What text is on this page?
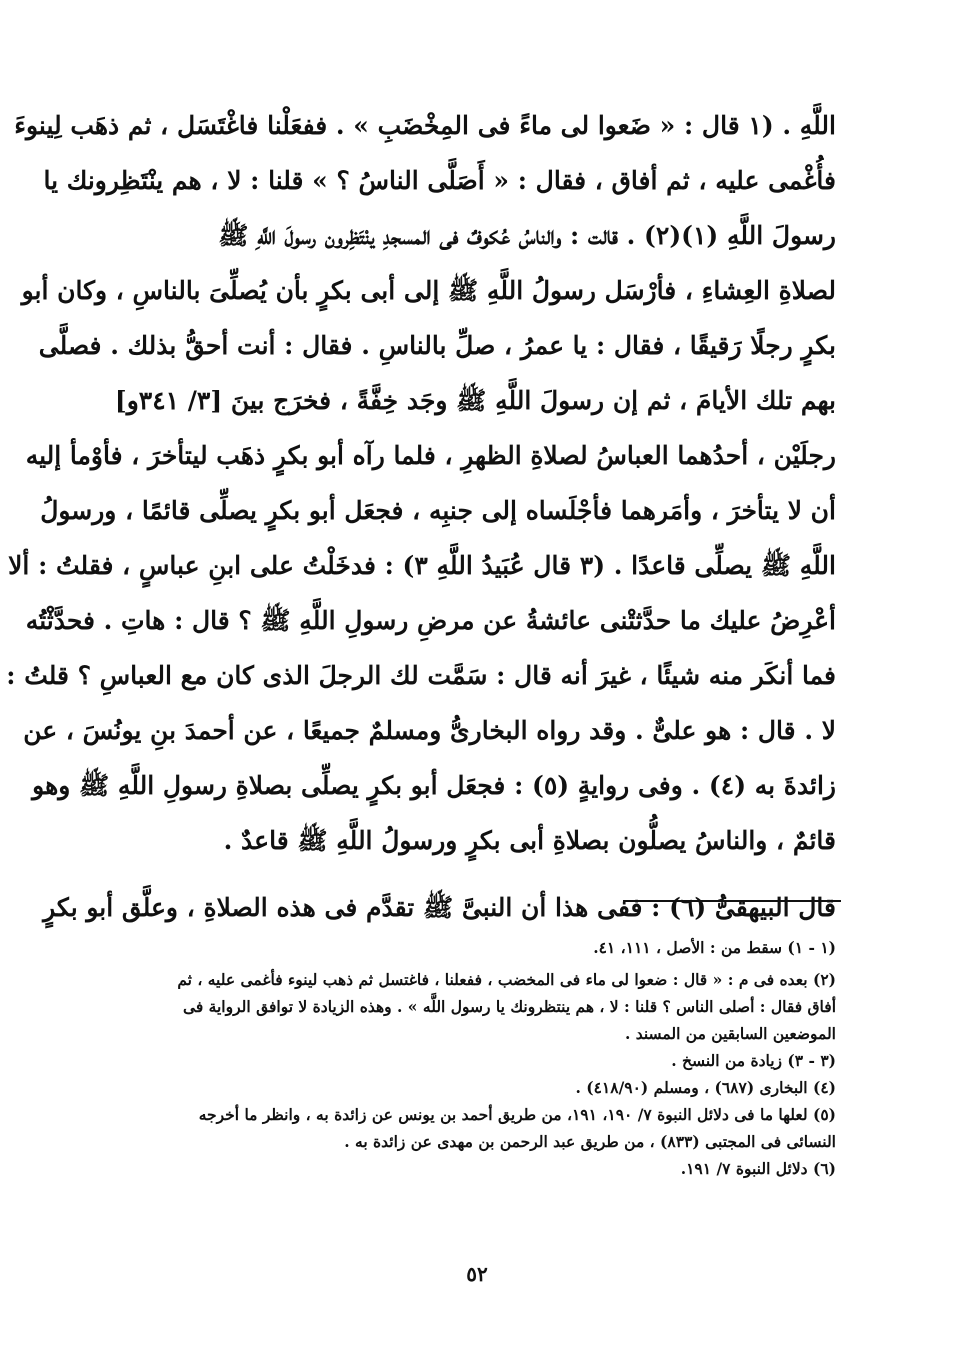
اللَّهِ . (١ قال : « ضَعوا لى ماءً فى المِخْضَبِ » . ففعَلْنا فاغْتَسَل ، ثم ذهَب لِينوءَ
فأُغْمى عليه ، ثم أفاق ، فقال : « أَصَلَّى الناسُ ؟ » قلنا : لا ، هم ينْتَظِرونك يا
رسولَ اللَّهِ (١)(٢) . قالت : والناسُ عُكوفٌ فى المسجدِ ينْتَظِرون رسولَ اللَّهِ ﷺ
لصلاةِ العِشاءِ ، فأرْسَل رسولُ اللَّهِ ﷺ إلى أبى بكرٍ بأن يُصلِّىَ بالناسِ ، وكان أبو
بكرٍ رجلًا رَقيقًا ، فقال : يا عمرُ ، صلِّ بالناسِ . فقال : أنت أحقُّ بذلك . فصلَّى
بهم تلك الأيامَ ، ثم إن رسولَ اللَّهِ ﷺ وجَد خِفَّةً ، فخرَج بينَ [٣/ ٣٤١و]
رجلَيْن ، أحدُهما العباسُ لصلاةِ الظهرِ ، فلما رآه أبو بكرٍ ذهَب ليتأخرَ ، فأوْمأ إليه
أن لا يتأخرَ ، وأمَرهما فأجْلَساه إلى جنبِه ، فجعَل أبو بكرٍ يصلِّى قائمًا ، ورسولُ
اللَّهِ ﷺ يصلِّى قاعدًا . (٣ قال عُبَيدُ اللَّهِ ٣) : فدخَلْتُ على ابنِ عباسٍ ، فقلتُ : ألا
أعْرِضُ عليك ما حدَّثتْنى عائشةُ عن مرضِ رسولِ اللَّهِ ﷺ ؟ قال : هاتِ . فحدَّثْتُه
فما أنكَر منه شيئًا ، غيرَ أنه قال : سَمَّت لك الرجلَ الذى كان مع العباسِ ؟ قلتُ :
لا . قال : هو علىٌّ . وقد رواه البخارىُّ ومسلمٌ جميعًا ، عن أحمدَ بنِ يونُسَ ، عن
زائدةَ به (٤) . وفى روايةٍ (٥) : فجعَل أبو بكرٍ يصلِّى بصلاةِ رسولِ اللَّهِ ﷺ وهو
قائمٌ ، والناسُ يصلُّون بصلاةِ أبى بكرٍ ورسولُ اللَّهِ ﷺ قاعدٌ .
قال البيهقىُّ (٦) : ففى هذا أن النبىَّ ﷺ تقدَّم فى هذه الصلاةِ ، وعلَّق أبو بكرٍ
(١ - ١) سقط من : الأصل ، ١١١، ٤١.
(٢) بعده فى م : « قال : ضعوا لى ماء فى المخضب ، ففعلنا ، فاغتسل ثم ذهب لينوء فأغمى عليه ، ثم
أفاق فقال : أصلى الناس ؟ قلنا : لا ، هم ينتظرونك يا رسول اللَّه » . وهذه الزيادة لا توافق الرواية فى
الموضعين السابقين من المسند .
(٣ - ٣) زيادة من النسخ .
(٤) البخارى (٦٨٧) ، ومسلم (٤١٨/٩٠) .
(٥) لعلها ما فى دلائل النبوة ٧/ ١٩٠، ١٩١، من طريق أحمد بن يونس عن زائدة به ، وانظر ما أخرجه
النسائى فى المجتبى (٨٣٣) ، من طريق عبد الرحمن بن مهدى عن زائدة به .
(٦) دلائل النبوة ٧/ ١٩١.
٥٢
